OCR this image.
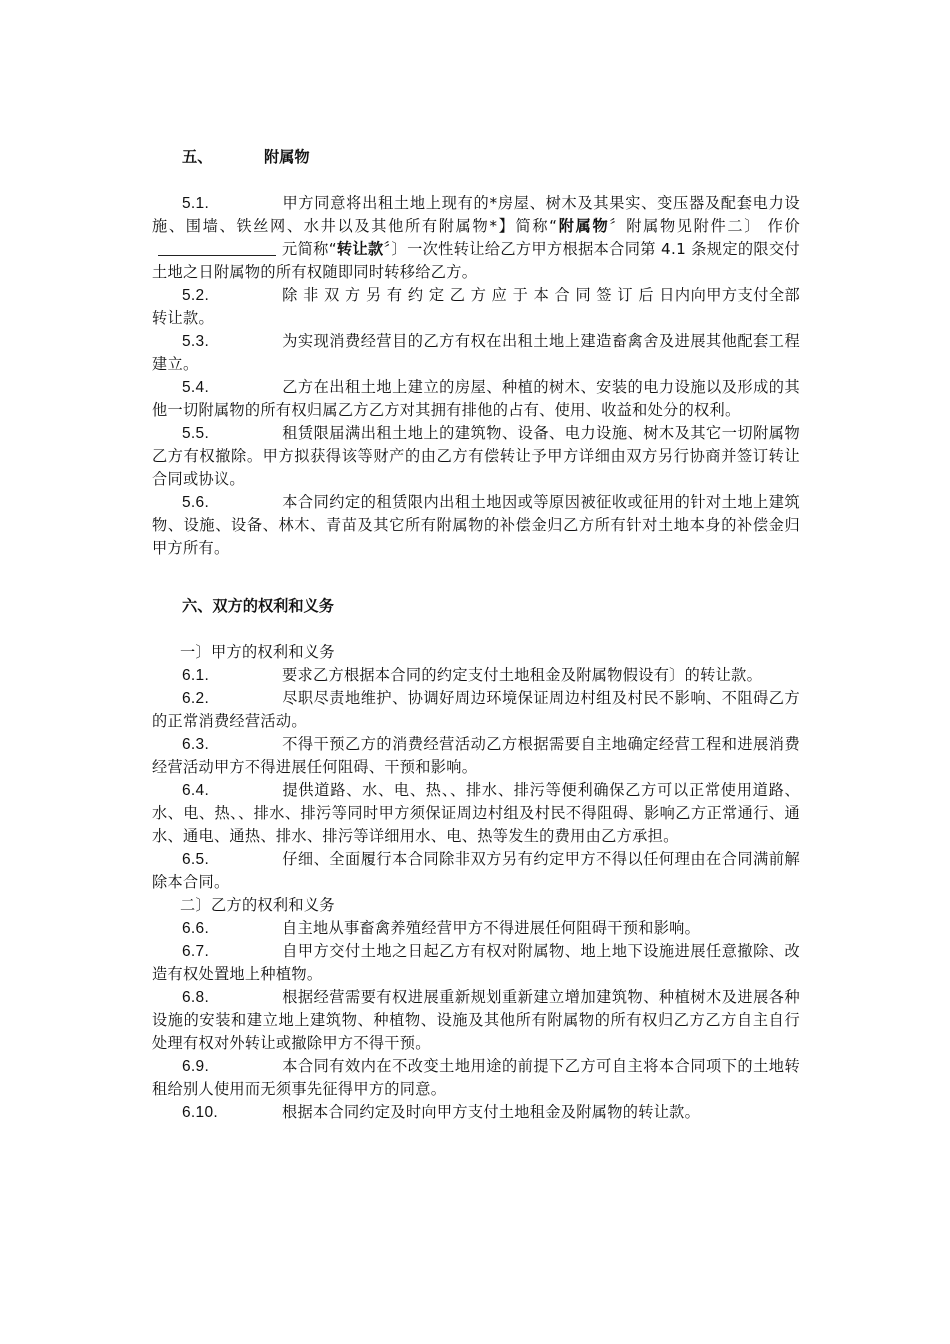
五、	附属物

5.1.	甲方同意将出租土地上现有的*房屋、树木及其果实、变压器及配套电力设施、围墙、铁丝网、水井以及其他所有附属物*】简称“附属物〞附属物见附件二〕 作价元简称“转让款〞〕一次性转让给乙方甲方根据本合同第 4.1 条规定的限交付土地之日附属物的所有权随即同时转移给乙方。

5.2.	除 非 双 方 另 有 约 定 乙 方 应 于 本 合 同 签 订 后 日内向甲方支付全部转让款。

5.3.	为实现消费经营目的乙方有权在出租土地上建造畜禽舍及进展其他配套工程建立。

5.4.	乙方在出租土地上建立的房屋、种植的树木、安装的电力设施以及形成的其他一切附属物的所有权归属乙方乙方对其拥有排他的占有、使用、收益和处分的权利。

5.5.	租赁限届满出租土地上的建筑物、设备、电力设施、树木及其它一切附属物乙方有权撤除。甲方拟获得该等财产的由乙方有偿转让予甲方详细由双方另行协商并签订转让合同或协议。

5.6.	本合同约定的租赁限内出租土地因或等原因被征收或征用的针对土地上建筑物、设施、设备、林木、青苗及其它所有附属物的补偿金归乙方所有针对土地本身的补偿金归甲方所有。

六、双方的权利和义务

一〕甲方的权利和义务

6.1.	要求乙方根据本合同的约定支付土地租金及附属物假设有〕的转让款。

6.2.	尽职尽责地维护、协调好周边环境保证周边村组及村民不影响、不阻碍乙方的正常消费经营活动。

6.3.	不得干预乙方的消费经营活动乙方根据需要自主地确定经营工程和进展消费经营活动甲方不得进展任何阻碍、干预和影响。

6.4.	提供道路、水、电、热、、排水、排污等便利确保乙方可以正常使用道路、水、电、热、、排水、排污等同时甲方须保证周边村组及村民不得阻碍、影响乙方正常通行、通水、通电、通热、排水、排污等详细用水、电、热等发生的费用由乙方承担。

6.5.	仔细、全面履行本合同除非双方另有约定甲方不得以任何理由在合同满前解除本合同。

二〕乙方的权利和义务

6.6.	自主地从事畜禽养殖经营甲方不得进展任何阻碍干预和影响。

6.7.	自甲方交付土地之日起乙方有权对附属物、地上地下设施进展任意撤除、改造有权处置地上种植物。

6.8.	根据经营需要有权进展重新规划重新建立增加建筑物、种植树木及进展各种设施的安装和建立地上建筑物、种植物、设施及其他所有附属物的所有权归乙方乙方自主自行处理有权对外转让或撤除甲方不得干预。

6.9.	本合同有效内在不改变土地用途的前提下乙方可自主将本合同项下的土地转租给别人使用而无须事先征得甲方的同意。

6.10.	根据本合同约定及时向甲方支付土地租金及附属物的转让款。
